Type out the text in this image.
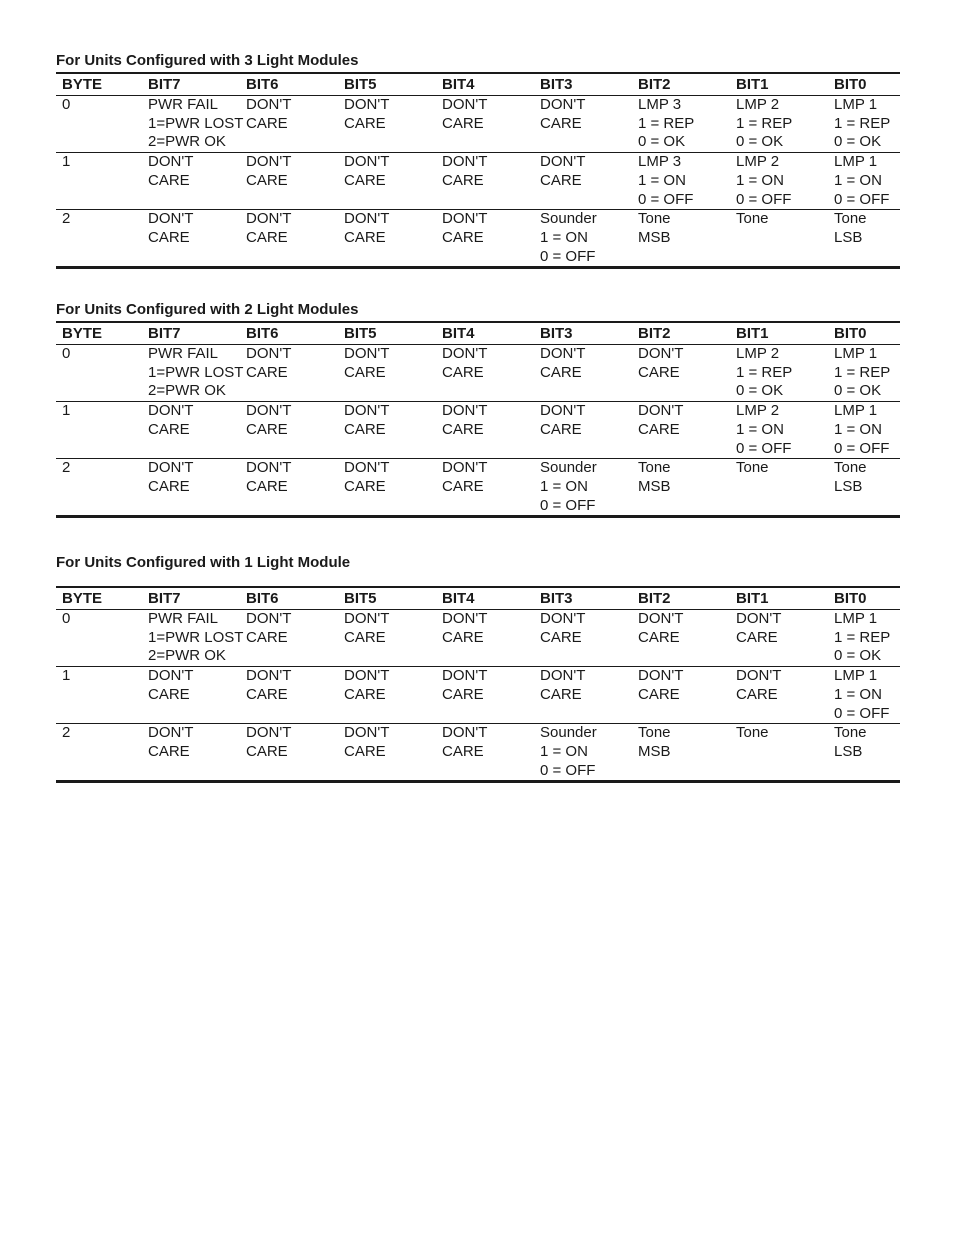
For Units Configured with 3 Light Modules
BYTE	BIT7	BIT6	BIT5	BIT4	BIT3	BIT2	BIT1	BIT0

0	PWR FAIL
1=PWR LOST
2=PWR OK	DON'T
CARE	DON'T
CARE	DON'T
CARE	DON'T
CARE	LMP 3
1 = REP
0 = OK	LMP 2
1 = REP
0 = OK	LMP 1
1 = REP
0 = OK

1	DON'T
CARE	DON'T
CARE	DON'T
CARE	DON'T
CARE	DON'T
CARE	LMP 3
1 = ON
0 = OFF	LMP 2
1 = ON
0 = OFF	LMP 1
1 = ON
0 = OFF

2	DON'T
CARE	DON'T
CARE	DON'T
CARE	DON'T
CARE	Sounder
1 = ON
0 = OFF	Tone
MSB	Tone	Tone
LSB
For Units Configured with 2 Light Modules
BYTE	BIT7	BIT6	BIT5	BIT4	BIT3	BIT2	BIT1	BIT0

0	PWR FAIL
1=PWR LOST
2=PWR OK	DON'T
CARE	DON'T
CARE	DON'T
CARE	DON'T
CARE	DON'T
CARE	LMP 2
1 = REP
0 = OK	LMP 1
1 = REP
0 = OK

1	DON'T
CARE	DON'T
CARE	DON'T
CARE	DON'T
CARE	DON'T
CARE	DON'T
CARE	LMP 2
1 = ON
0 = OFF	LMP 1
1 = ON
0 = OFF

2	DON'T
CARE	DON'T
CARE	DON'T
CARE	DON'T
CARE	Sounder
1 = ON
0 = OFF	Tone
MSB	Tone	Tone
LSB
For Units Configured with 1 Light Module
BYTE	BIT7	BIT6	BIT5	BIT4	BIT3	BIT2	BIT1	BIT0

0	PWR FAIL
1=PWR LOST
2=PWR OK	DON'T
CARE	DON'T
CARE	DON'T
CARE	DON'T
CARE	DON'T
CARE	DON'T
CARE	LMP 1
1 = REP
0 = OK

1	DON'T
CARE	DON'T
CARE	DON'T
CARE	DON'T
CARE	DON'T
CARE	DON'T
CARE	DON'T
CARE	LMP 1
1 = ON
0 = OFF

2	DON'T
CARE	DON'T
CARE	DON'T
CARE	DON'T
CARE	Sounder
1 = ON
0 = OFF	Tone
MSB	Tone	Tone
LSB
